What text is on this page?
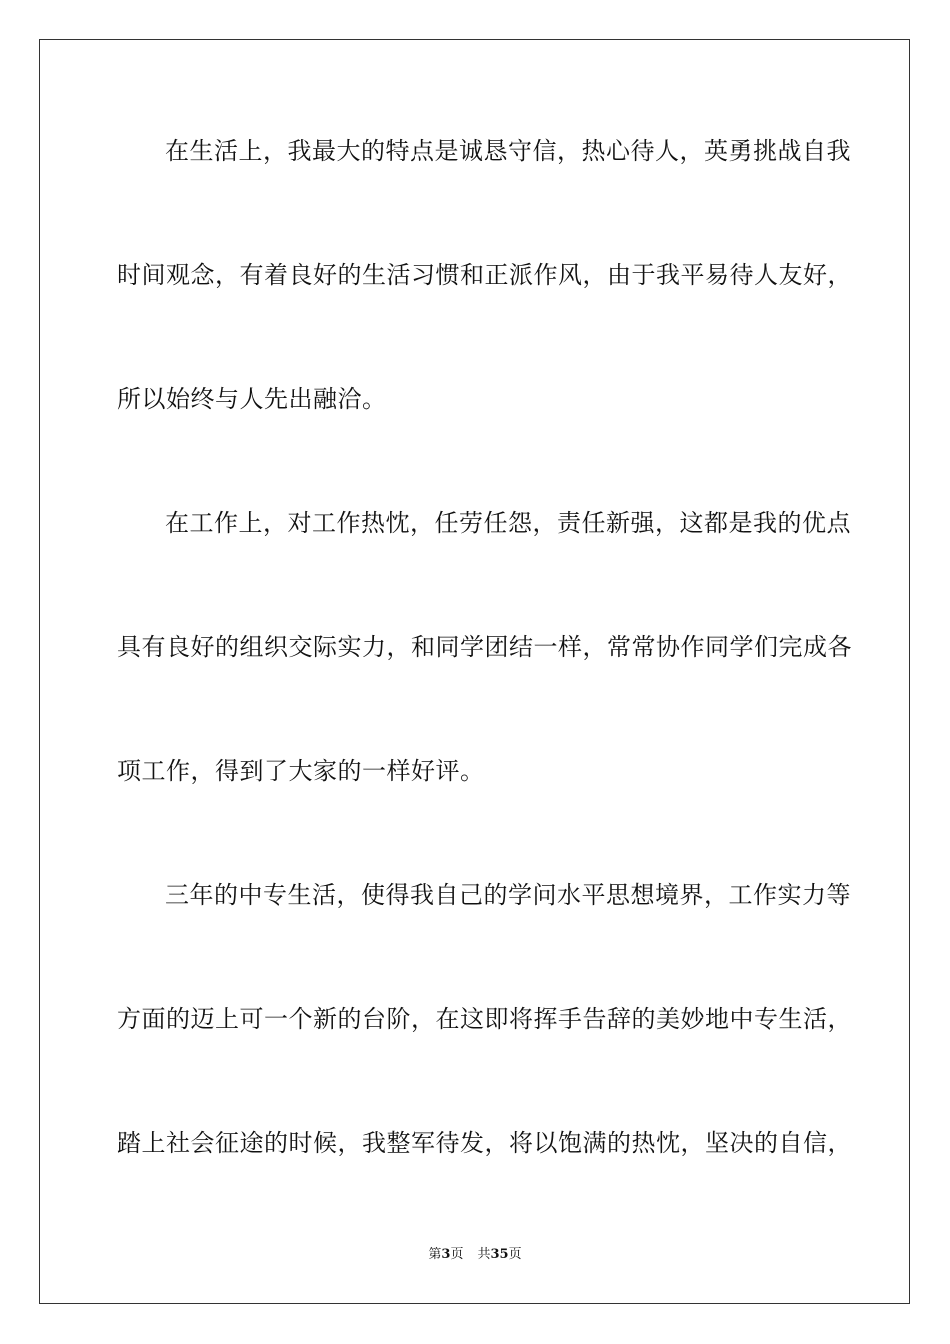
在生活上，我最大的特点是诚恳守信，热心待人，英勇挑战自我
时间观念，有着良好的生活习惯和正派作风，由于我平易待人友好，
所以始终与人先出融洽。
在工作上，对工作热忱，任劳任怨，责任新强，这都是我的优点
具有良好的组织交际实力，和同学团结一样，常常协作同学们完成各
项工作，得到了大家的一样好评。
三年的中专生活，使得我自己的学问水平思想境界，工作实力等
方面的迈上可一个新的台阶，在这即将挥手告辞的美妙地中专生活，
踏上社会征途的时候，我整军待发，将以饱满的热忱，坚决的自信，
第3页 共35页
